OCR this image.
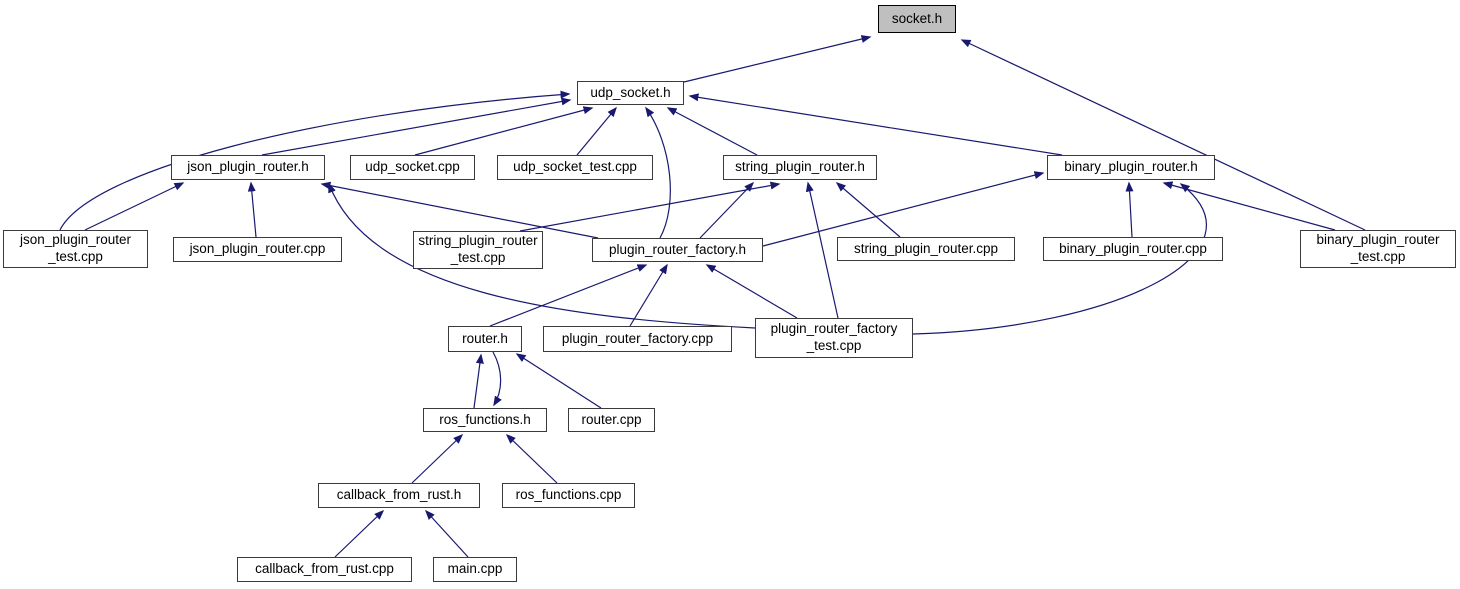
socket.h
udp_socket.h
json_plugin_router.h	udp_socket.cpp	udp_socket_test.cpp	string_plugin_router.h	binary_plugin_router.h
json_plugin_router
_test.cpp
json_plugin_router.cpp
string_plugin_router
_test.cpp
plugin_router_factory.h	string_plugin_router.cpp	binary_plugin_router.cpp
binary_plugin_router
_test.cpp
router.h	plugin_router_factory.cpp
plugin_router_factory
_test.cpp
ros_functions.h	router.cpp
callback_from_rust.h	ros_functions.cpp
callback_from_rust.cpp	main.cpp
